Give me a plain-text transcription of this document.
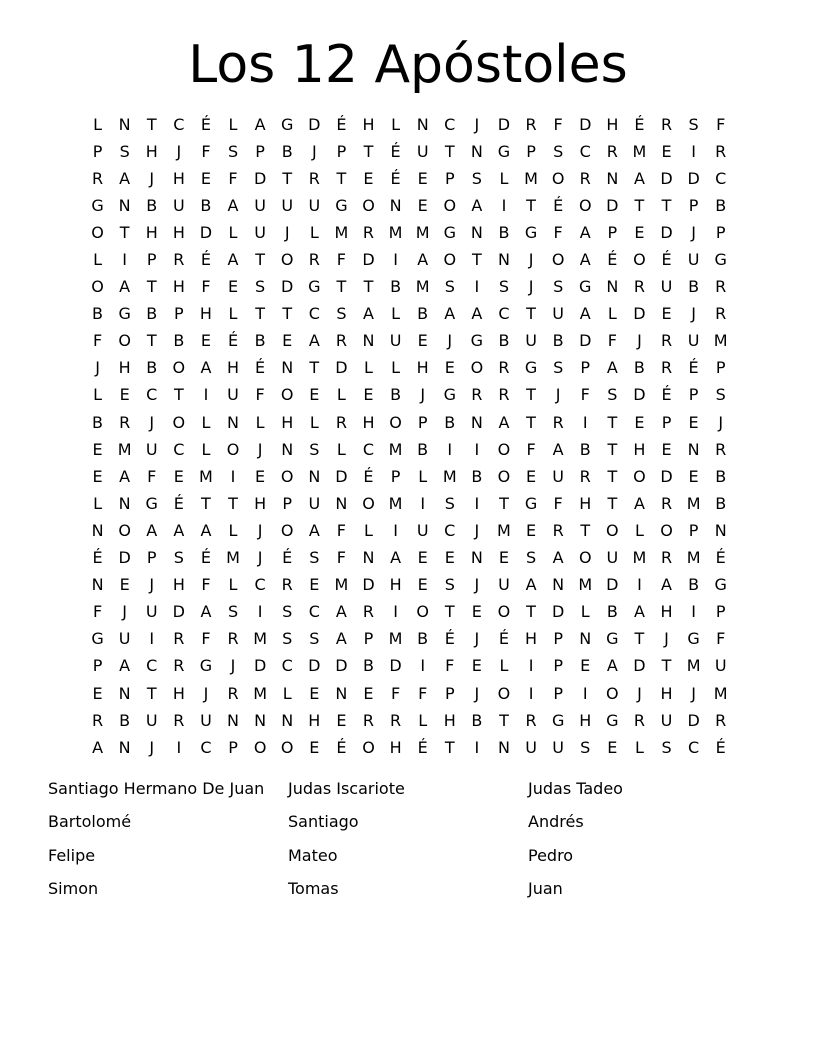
Los 12 Apóstoles
L	N	T	C	É	L	A G D É	H	L	N C	J	D R	F	D H	É	R	S	F
P	S	H	J	F	S	P	B	J	P	T	É	U	T	N G	P	S	C R M E	I	R
R	A	J	H	E	F	D	T	R	T	E	É	E	P	S	L M O R N A D D C
G N B U B	A U U U G O N	E O A	I	T	É O D	T	T	P	B
O T	H H D	L	U	J	L M R M M G N B G	F	A	P	E D	J	P
L	I	P	R	É	A	T O R	F	D	I	A O T	N	J	O A	É O É	U G
O A	T	H	F	E	S D G	T	T	B M S	I	S	J	S G N R U B	R
B G B	P	H	L	T	T	C	S	A	L	B	A	A	C	T	U A	L	D E	J	R
F	O T	B	E	É	B	E	A	R N U	E	J	G B U B D	F	J	R U M
J	H B O A H	É	N	T	D	L	L	H	E O R G S	P	A	B	R	É	P
L	E	C	T	I	U	F	O E	L	E	B	J	G R R	T	J	F	S D É	P	S
B	R	J	O	L	N	L	H	L	R H O P	B N A	T	R	I	T	E	P	E	J
E M U C	L	O	J	N	S	L	C M B	I	I	O	F	A	B	T	H	E	N R
E	A	F	E M	I	E O N D É	P	L M B O E	U R	T O D E	B
L	N G É	T	T	H	P	U N O M	I	S	I	T	G	F	H	T	A	R M B
N O A	A	A	L	J	O A	F	L	I	U C	J	M E	R	T O	L	O P	N
É D	P	S	É M	J	É	S	F	N A	E	E	N	E	S	A O U M R M É
N	E	J	H	F	L	C R	E M D H	E	S	J	U A N M D	I	A	B G
F	J	U D A	S	I	S	C	A	R	I	O T	E O T	D	L	B	A H	I	P
G U	I	R	F	R M S	S	A	P M B	É	J	É	H	P	N G	T	J	G	F
P	A	C R G	J	D C D D B D	I	F	E	L	I	P	E	A D	T M U
E	N	T	H	J	R M L	E	N	E	F	F	P	J	O	I	P	I	O	J	H	J	M
R	B U R U N N N H	E	R R	L	H B	T	R G H G R U D R
A N	J	I	C	P O O E	É O H	É	T	I	N U U	S	E	L	S	C	É
Santiago Hermano De Juan	Judas Iscariote	Judas Tadeo
Bartolomé	Santiago	Andrés
Felipe	Mateo	Pedro
Simon	Tomas	Juan
